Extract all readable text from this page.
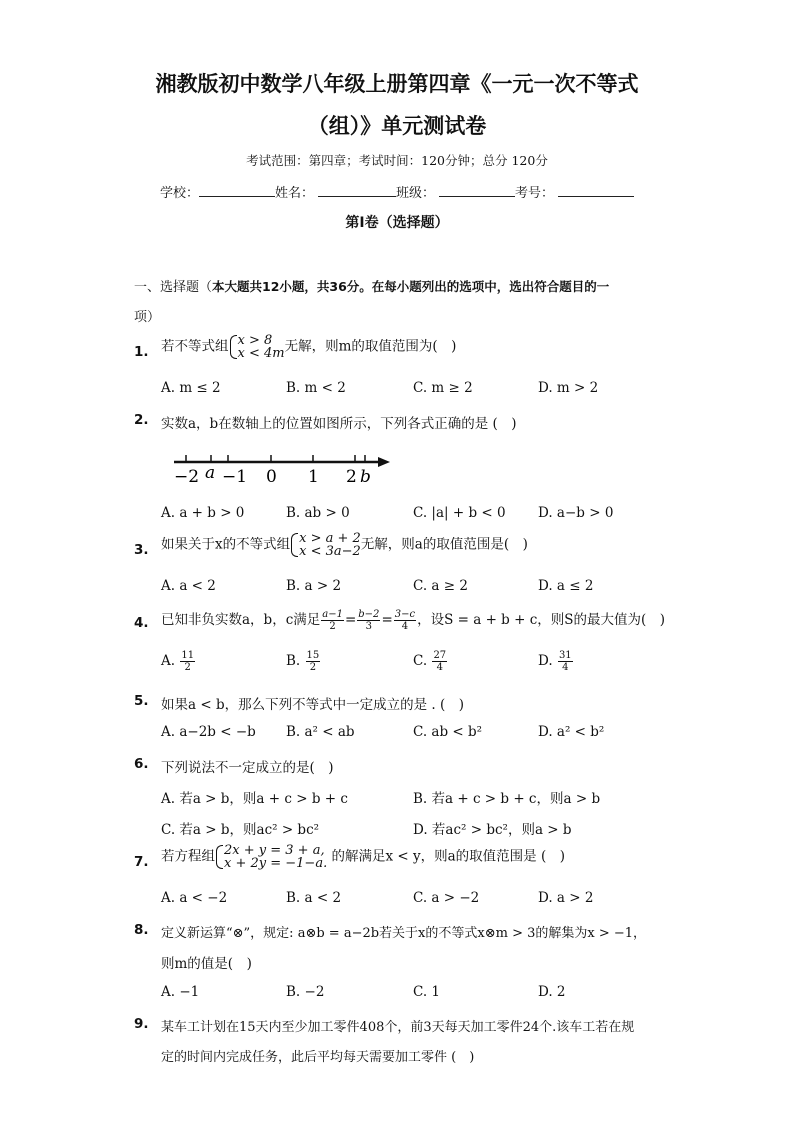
湘教版初中数学八年级上册第四章《一元一次不等式
（组）》单元测试卷
考试范围：第四章；考试时间：120分钟；总分 120分
学校：	姓名：	班级：	考号：
第I卷（选择题）
一、选择题（本大题共12小题，共36分。在每小题列出的选项中，选出符合题目的一
项）
1. 若不等式组 x > 8
x < 4m 无解，则m的取值范围为(　)
A. m ≤ 2	B. m < 2	C. m ≥ 2	D. m > 2
2. 实数a，b在数轴上的位置如图所示，下列各式正确的是 (　)
−2 a −1 0 1 2 b
A. a + b > 0	B. ab > 0	C. |a| + b < 0 D. a−b > 0
3. 如果关于x的不等式组 x > a + 2
x < 3a−2 无解，则a的取值范围是(　)
A. a < 2	B. a > 2	C. a ≥ 2	D. a ≤ 2
4. 已知非负实数a，b，c满足 $\frac{a-1}{2} = \frac{b-2}{3} = \frac{3-c}{4}$ ，设S = a + b + c，则S的最大值为(　)
A. $\frac{11}{2}$	B. $\frac{15}{2}$	C. $\frac{27}{4}$	D. $\frac{31}{4}$
5. 如果a < b，那么下列不等式中一定成立的是 . (　)
A. a−2b < −b B. a² < ab	C. ab < b²	D. a² < b²
6. 下列说法不一定成立的是(　)
A. 若a > b，则a + c > b + c	B. 若a + c > b + c，则a > b
C. 若a > b，则ac² > bc²	D. 若ac² > bc²，则a > b
7. 若方程组 2x + y = 3 + a,
x + 2y = −1−a. 的解满足x < y，则a的取值范围是 (　)
A. a < −2	B. a < 2	C. a > −2	D. a > 2
8. 定义新运算“⊗”，规定: a⊗b = a−2b若关于x的不等式x⊗m > 3的解集为x > −1，
则m的值是(　)
A. −1	B. −2	C. 1	D. 2
9. 某车工计划在15天内至少加工零件408个，前3天每天加工零件24个.该车工若在规
定的时间内完成任务，此后平均每天需要加工零件 (　)
